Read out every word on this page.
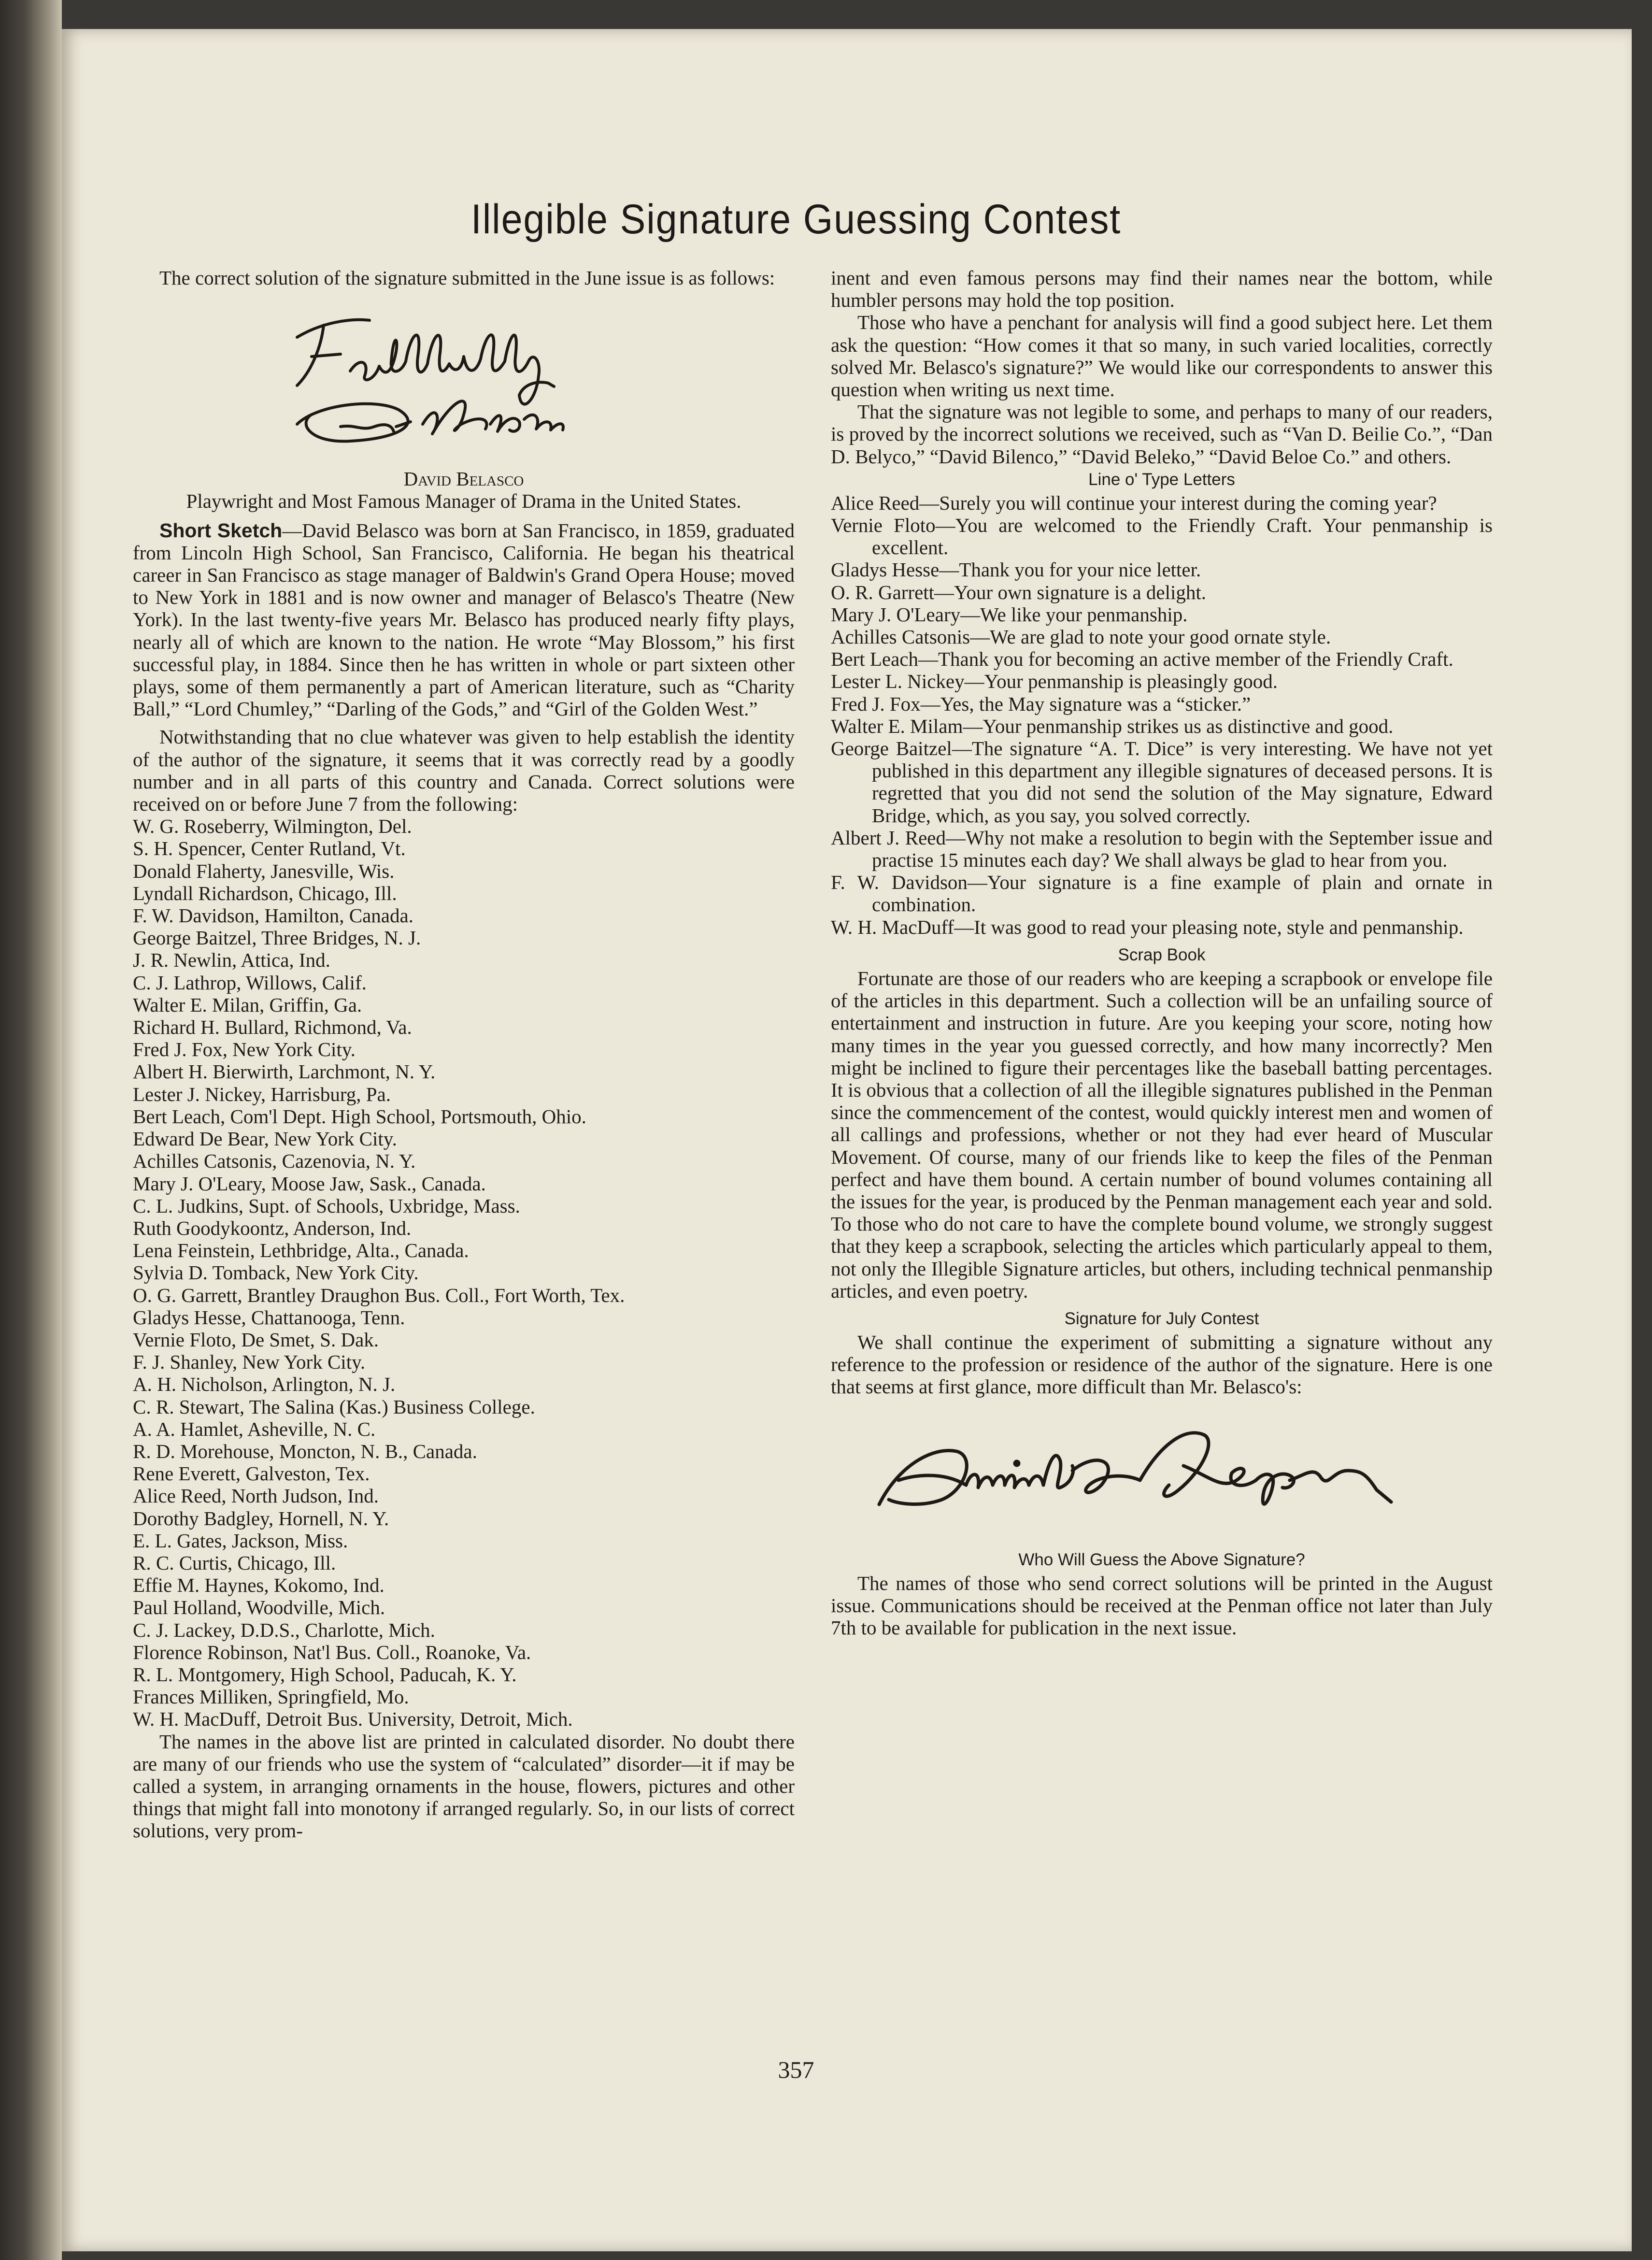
Illegible Signature Guessing Contest

The correct solution of the signature submitted in the June issue is as follows:

David Belasco

Playwright and Most Famous Manager of Drama in the United States.

Short Sketch—David Belasco was born at San Francisco, in 1859, graduated from Lincoln High School, San Francisco, California. He began his theatrical career in San Francisco as stage manager of Baldwin's Grand Opera House; moved to New York in 1881 and is now owner and manager of Belasco's Theatre (New York). In the last twenty-five years Mr. Belasco has produced nearly fifty plays, nearly all of which are known to the nation. He wrote “May Blossom,” his first successful play, in 1884. Since then he has written in whole or part sixteen other plays, some of them permanently a part of American literature, such as “Charity Ball,” “Lord Chumley,” “Darling of the Gods,” and “Girl of the Golden West.”

Notwithstanding that no clue whatever was given to help establish the identity of the author of the signature, it seems that it was correctly read by a goodly number and in all parts of this country and Canada. Correct solutions were received on or before June 7 from the following:

W. G. Roseberry, Wilmington, Del.
S. H. Spencer, Center Rutland, Vt.
Donald Flaherty, Janesville, Wis.
Lyndall Richardson, Chicago, Ill.
F. W. Davidson, Hamilton, Canada.
George Baitzel, Three Bridges, N. J.
J. R. Newlin, Attica, Ind.
C. J. Lathrop, Willows, Calif.
Walter E. Milan, Griffin, Ga.
Richard H. Bullard, Richmond, Va.
Fred J. Fox, New York City.
Albert H. Bierwirth, Larchmont, N. Y.
Lester J. Nickey, Harrisburg, Pa.
Bert Leach, Com'l Dept. High School, Portsmouth, Ohio.
Edward De Bear, New York City.
Achilles Catsonis, Cazenovia, N. Y.
Mary J. O'Leary, Moose Jaw, Sask., Canada.
C. L. Judkins, Supt. of Schools, Uxbridge, Mass.
Ruth Goodykoontz, Anderson, Ind.
Lena Feinstein, Lethbridge, Alta., Canada.
Sylvia D. Tomback, New York City.
O. G. Garrett, Brantley Draughon Bus. Coll., Fort Worth, Tex.
Gladys Hesse, Chattanooga, Tenn.
Vernie Floto, De Smet, S. Dak.
F. J. Shanley, New York City.
A. H. Nicholson, Arlington, N. J.
C. R. Stewart, The Salina (Kas.) Business College.
A. A. Hamlet, Asheville, N. C.
R. D. Morehouse, Moncton, N. B., Canada.
Rene Everett, Galveston, Tex.
Alice Reed, North Judson, Ind.
Dorothy Badgley, Hornell, N. Y.
E. L. Gates, Jackson, Miss.
R. C. Curtis, Chicago, Ill.
Effie M. Haynes, Kokomo, Ind.
Paul Holland, Woodville, Mich.
C. J. Lackey, D.D.S., Charlotte, Mich.
Florence Robinson, Nat'l Bus. Coll., Roanoke, Va.
R. L. Montgomery, High School, Paducah, K. Y.
Frances Milliken, Springfield, Mo.
W. H. MacDuff, Detroit Bus. University, Detroit, Mich.

The names in the above list are printed in calculated disorder. No doubt there are many of our friends who use the system of “calculated” disorder—it if may be called a system, in arranging ornaments in the house, flowers, pictures and other things that might fall into monotony if arranged regularly. So, in our lists of correct solutions, very prom-

inent and even famous persons may find their names near the bottom, while humbler persons may hold the top position.

Those who have a penchant for analysis will find a good subject here. Let them ask the question: “How comes it that so many, in such varied localities, correctly solved Mr. Belasco's signature?” We would like our correspondents to answer this question when writing us next time.

That the signature was not legible to some, and perhaps to many of our readers, is proved by the incorrect solutions we received, such as “Van D. Beilie Co.”, “Dan D. Belyco,” “David Bilenco,” “David Beleko,” “David Beloe Co.” and others.

Line o' Type Letters

Alice Reed—Surely you will continue your interest during the coming year?

Vernie Floto—You are welcomed to the Friendly Craft. Your penmanship is excellent.

Gladys Hesse—Thank you for your nice letter.

O. R. Garrett—Your own signature is a delight.

Mary J. O'Leary—We like your penmanship.

Achilles Catsonis—We are glad to note your good ornate style.

Bert Leach—Thank you for becoming an active member of the Friendly Craft.

Lester L. Nickey—Your penmanship is pleasingly good.

Fred J. Fox—Yes, the May signature was a “sticker.”

Walter E. Milam—Your penmanship strikes us as distinctive and good.

George Baitzel—The signature “A. T. Dice” is very interesting. We have not yet published in this department any illegible signatures of deceased persons. It is regretted that you did not send the solution of the May signature, Edward Bridge, which, as you say, you solved correctly.

Albert J. Reed—Why not make a resolution to begin with the September issue and practise 15 minutes each day? We shall always be glad to hear from you.

F. W. Davidson—Your signature is a fine example of plain and ornate in combination.

W. H. MacDuff—It was good to read your pleasing note, style and penmanship.

Scrap Book

Fortunate are those of our readers who are keeping a scrapbook or envelope file of the articles in this department. Such a collection will be an unfailing source of entertainment and instruction in future. Are you keeping your score, noting how many times in the year you guessed correctly, and how many incorrectly? Men might be inclined to figure their percentages like the baseball batting percentages. It is obvious that a collection of all the illegible signatures published in the Penman since the commencement of the contest, would quickly interest men and women of all callings and professions, whether or not they had ever heard of Muscular Movement. Of course, many of our friends like to keep the files of the Penman perfect and have them bound. A certain number of bound volumes containing all the issues for the year, is produced by the Penman management each year and sold. To those who do not care to have the complete bound volume, we strongly suggest that they keep a scrapbook, selecting the articles which particularly appeal to them, not only the Illegible Signature articles, but others, including technical penmanship articles, and even poetry.

Signature for July Contest

We shall continue the experiment of submitting a signature without any reference to the profession or residence of the author of the signature. Here is one that seems at first glance, more difficult than Mr. Belasco's:

Who Will Guess the Above Signature?

The names of those who send correct solutions will be printed in the August issue. Communications should be received at the Penman office not later than July 7th to be available for publication in the next issue.

357
